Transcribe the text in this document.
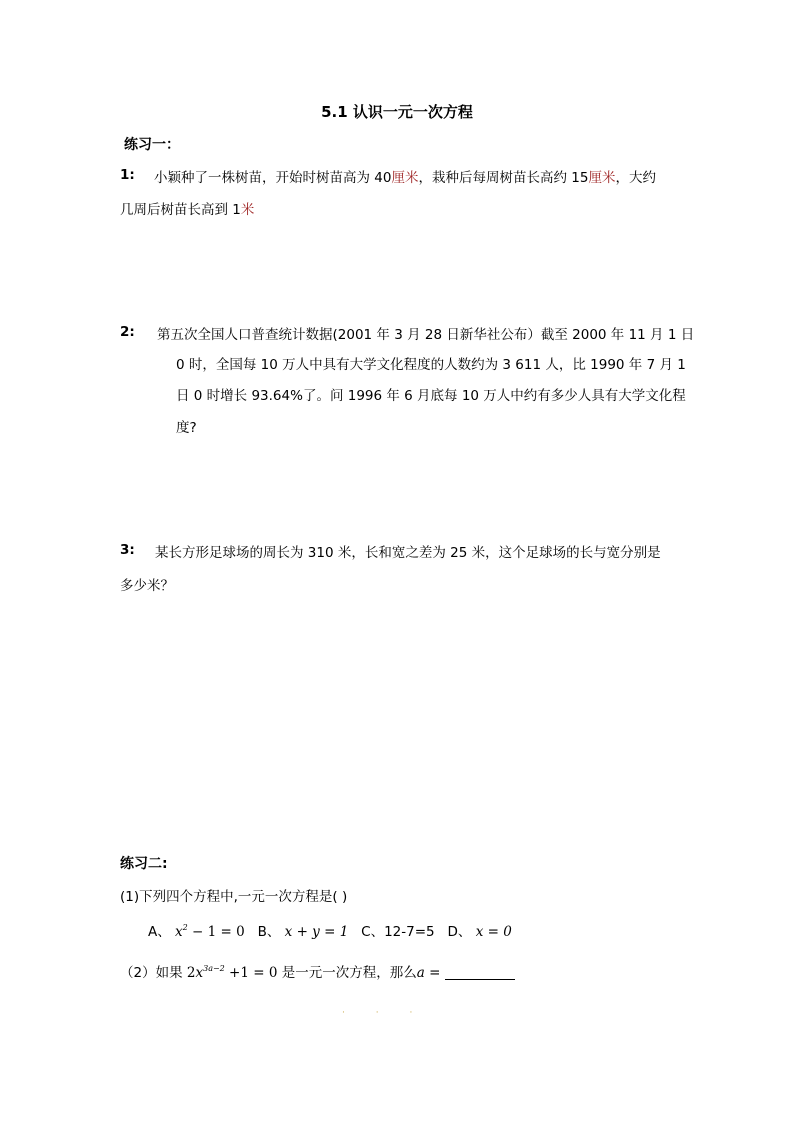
5.1 认识一元一次方程
练习一：
1: 小颖种了一株树苗，开始时树苗高为 40厘米，栽种后每周树苗长高约 15厘米，大约
几周后树苗长高到 1米
2: 第五次全国人口普查统计数据(2001 年 3 月 28 日新华社公布）截至 2000 年 11 月 1 日
0 时，全国每 10 万人中具有大学文化程度的人数约为 3 611 人，比 1990 年 7 月 1
日 0 时增长 93.64%了。问 1996 年 6 月底每 10 万人中约有多少人具有大学文化程
度?
3: 某长方形足球场的周长为 310 米，长和宽之差为 25 米，这个足球场的长与宽分别是
多少米？
练习二:
(1)下列四个方程中,一元一次方程是( )
A、 $x^2 - 1 = 0$ B、 x + y = 1 C、12-7=5 D、 x = 0
（2）如果 $2x^{3a-2} +1 = 0$ 是一元一次方程，那么a =
· · ·
